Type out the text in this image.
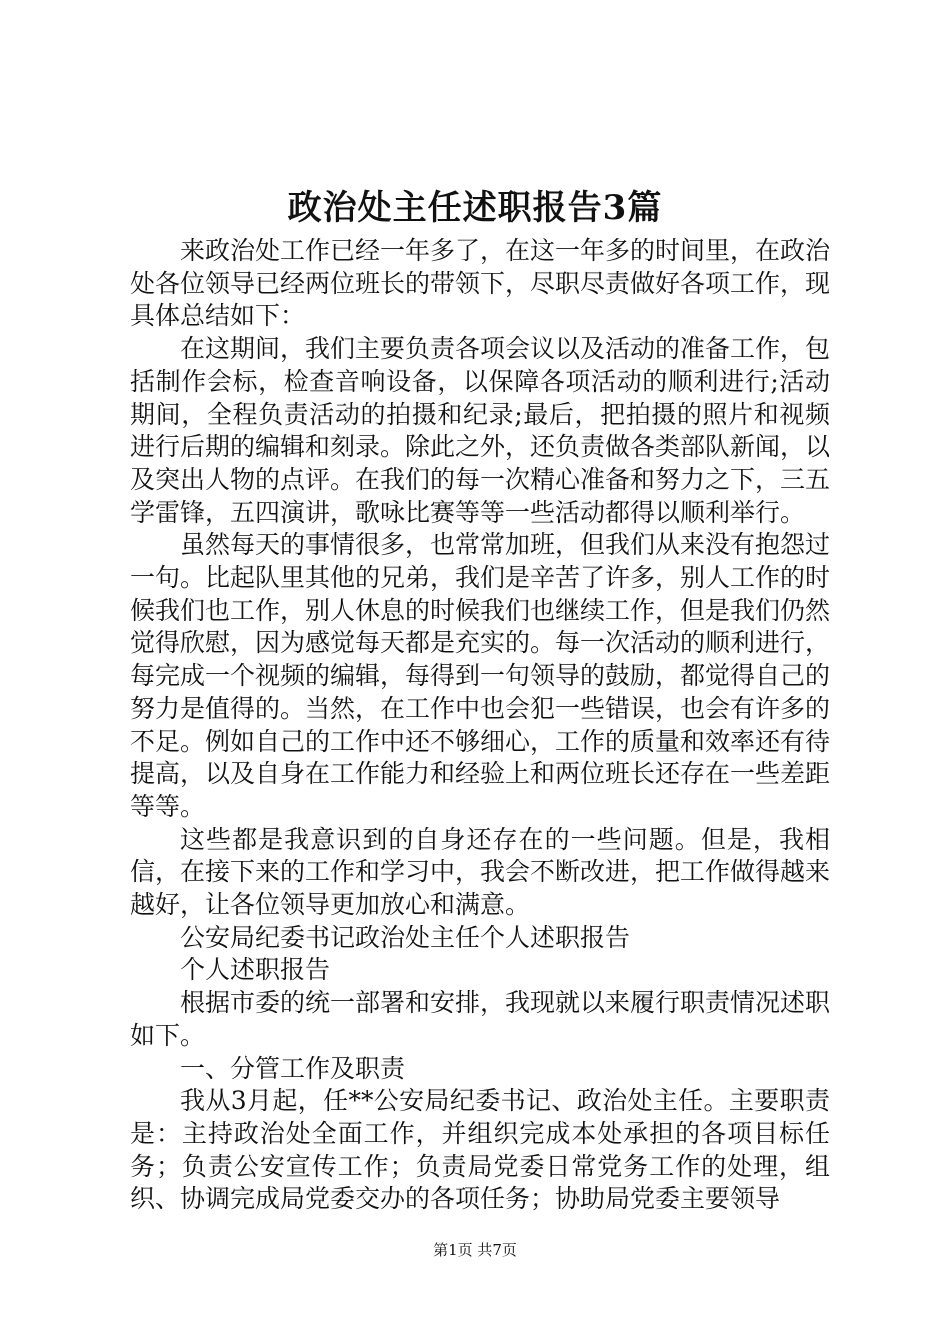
政治处主任述职报告3篇

来政治处工作已经一年多了，在这一年多的时间里，在政治处各位领导已经两位班长的带领下，尽职尽责做好各项工作，现具体总结如下：

在这期间，我们主要负责各项会议以及活动的准备工作，包括制作会标，检查音响设备，以保障各项活动的顺利进行;活动期间，全程负责活动的拍摄和纪录;最后，把拍摄的照片和视频进行后期的编辑和刻录。除此之外，还负责做各类部队新闻，以及突出人物的点评。在我们的每一次精心准备和努力之下，三五学雷锋，五四演讲，歌咏比赛等等一些活动都得以顺利举行。

虽然每天的事情很多，也常常加班，但我们从来没有抱怨过一句。比起队里其他的兄弟，我们是辛苦了许多，别人工作的时候我们也工作，别人休息的时候我们也继续工作，但是我们仍然觉得欣慰，因为感觉每天都是充实的。每一次活动的顺利进行，每完成一个视频的编辑，每得到一句领导的鼓励，都觉得自己的努力是值得的。当然，在工作中也会犯一些错误，也会有许多的不足。例如自己的工作中还不够细心，工作的质量和效率还有待提高，以及自身在工作能力和经验上和两位班长还存在一些差距等等。

这些都是我意识到的自身还存在的一些问题。但是，我相信，在接下来的工作和学习中，我会不断改进，把工作做得越来越好，让各位领导更加放心和满意。

公安局纪委书记政治处主任个人述职报告

个人述职报告

根据市委的统一部署和安排，我现就以来履行职责情况述职如下。

一、分管工作及职责

我从3月起，任**公安局纪委书记、政治处主任。主要职责是：主持政治处全面工作，并组织完成本处承担的各项目标任务；负责公安宣传工作；负责局党委日常党务工作的处理，组织、协调完成局党委交办的各项任务；协助局党委主要领导

第1页 共7页
